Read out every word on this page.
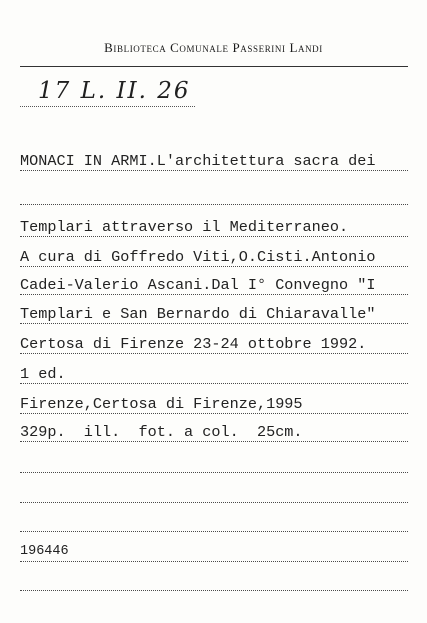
Biblioteca Comunale Passerini Landi
17 L. II. 26
MONACI IN ARMI.L'architettura sacra dei
Templari attraverso il Mediterraneo.
A cura di Goffredo Viti,O.Cisti.Antonio
Cadei-Valerio Ascani.Dal I° Convegno "I
Templari e San Bernardo di Chiaravalle"
Certosa di Firenze 23-24 ottobre 1992.
1 ed.
Firenze,Certosa di Firenze,1995
329p.  ill.  fot. a col.  25cm.
196446
